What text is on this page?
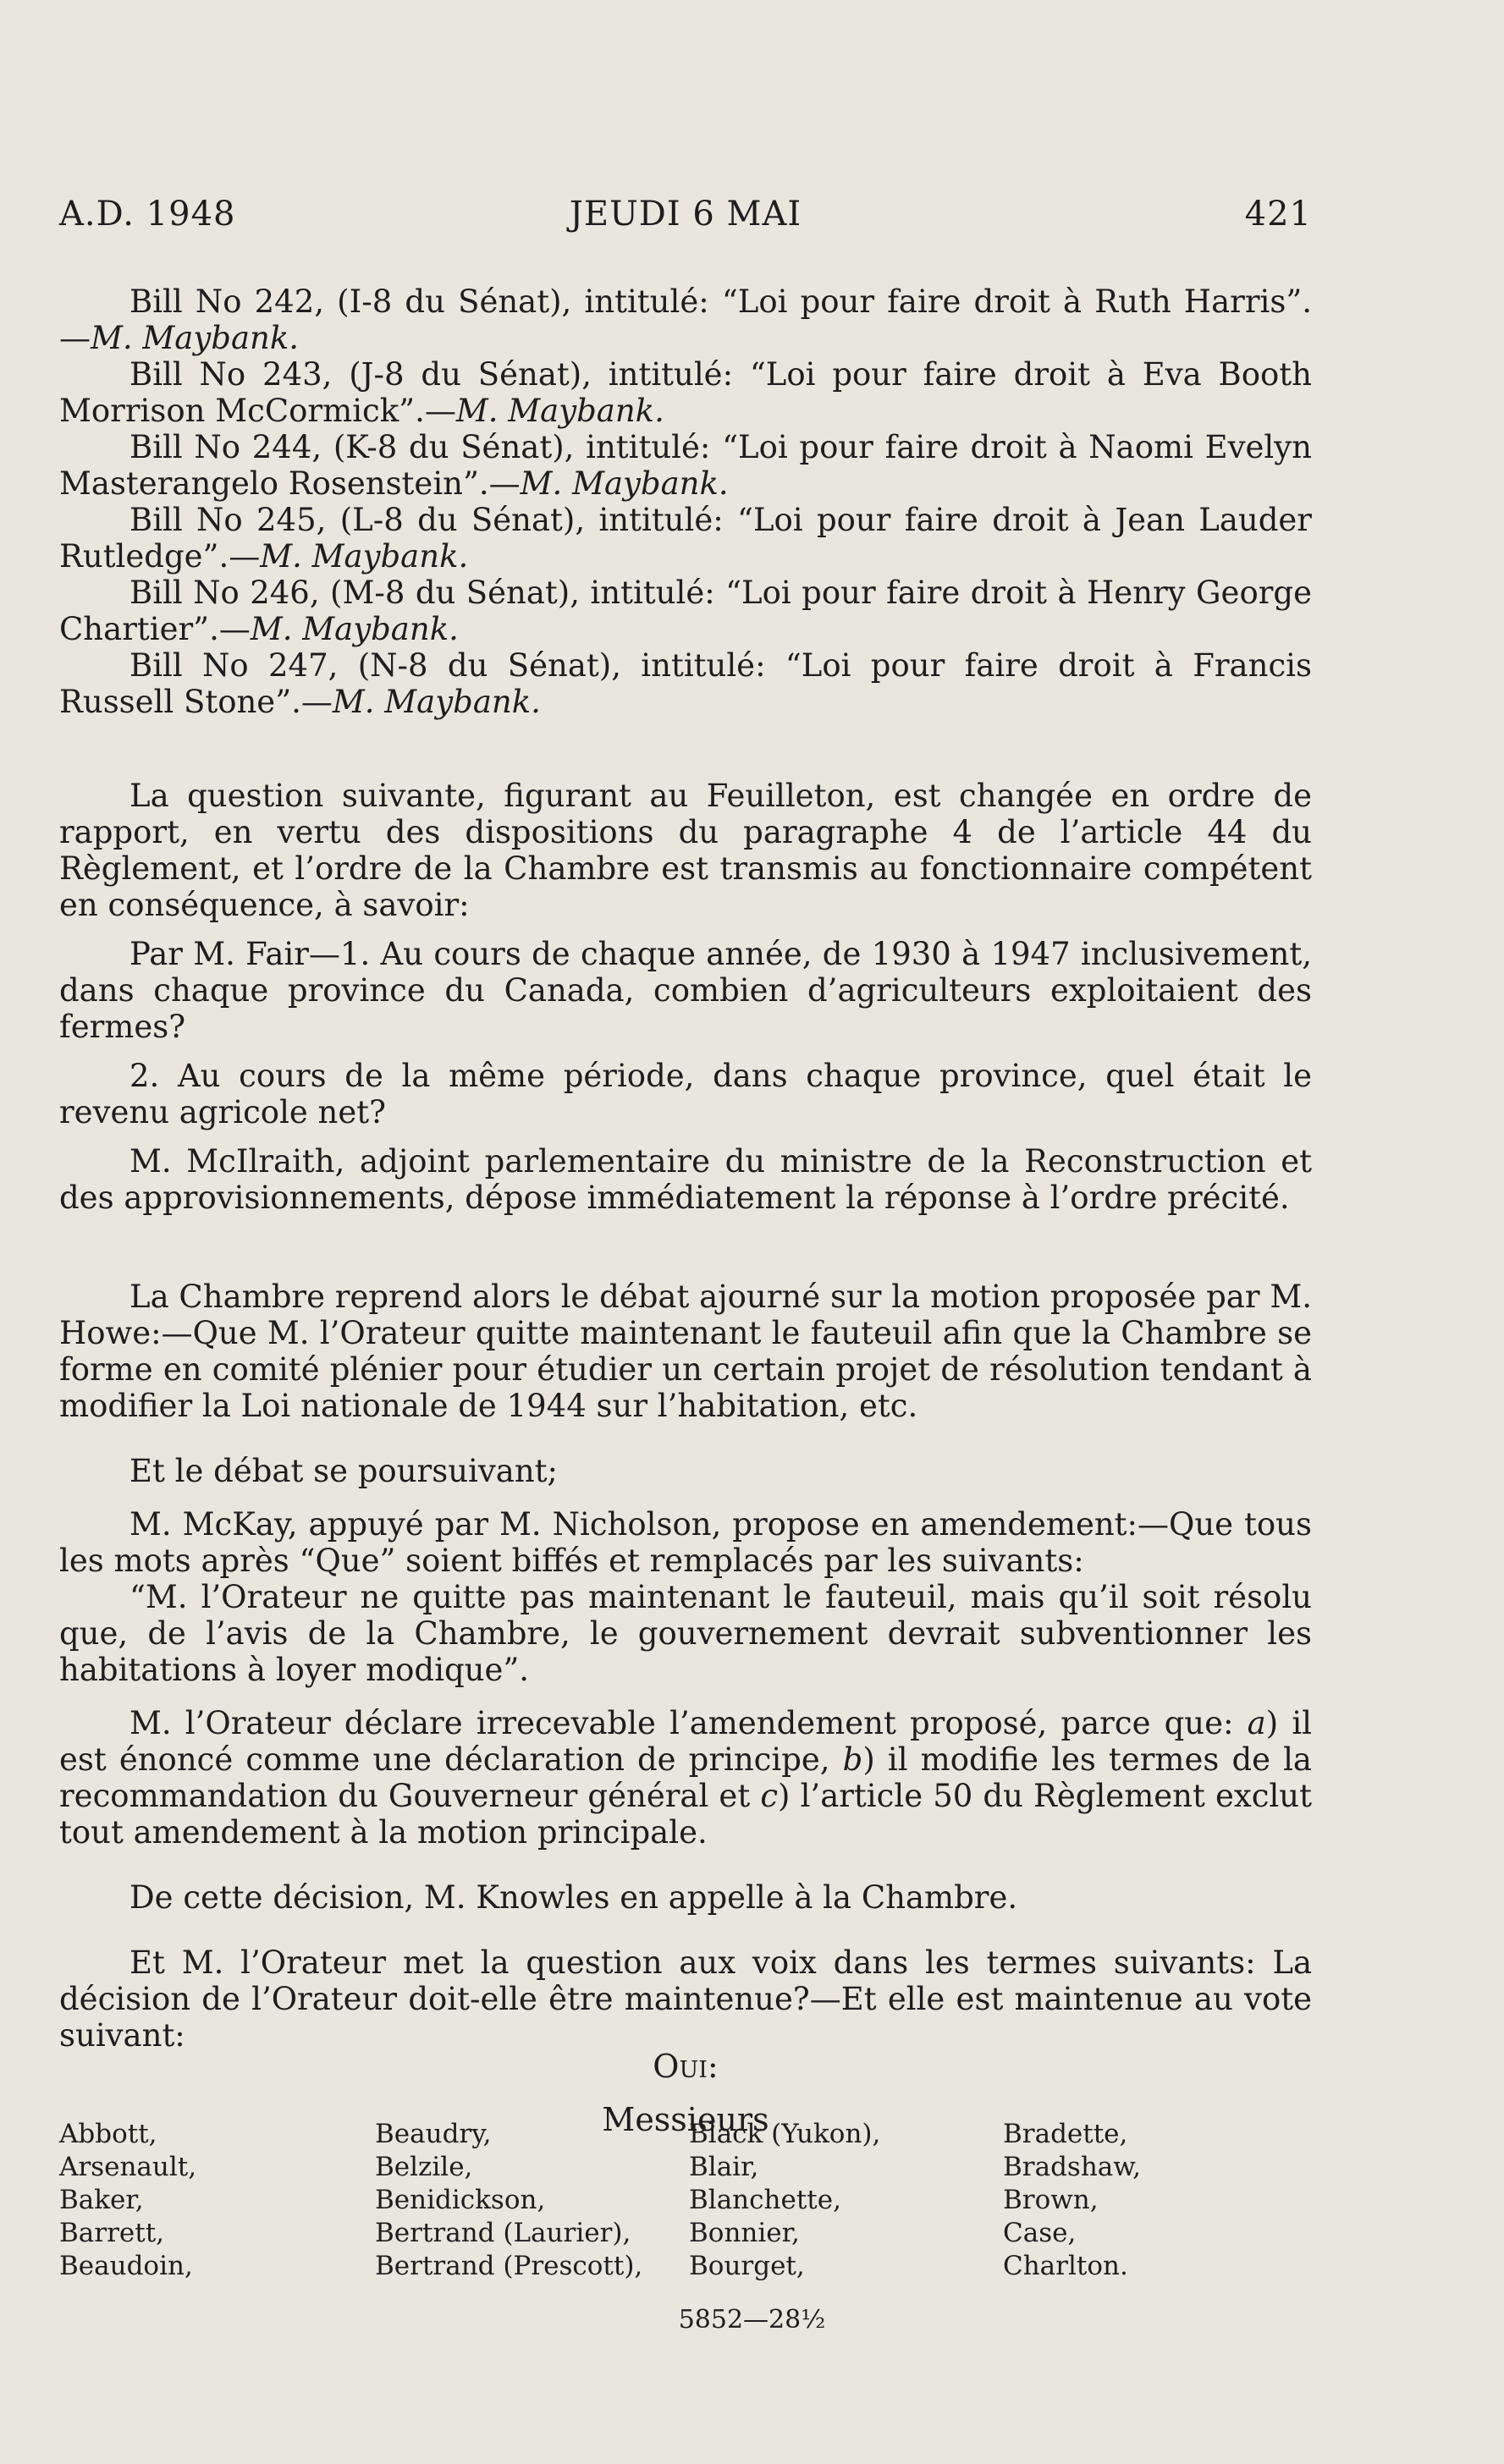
A.D. 1948	JEUDI 6 MAI	421

Bill No 242, (I-8 du Sénat), intitulé: “Loi pour faire droit à Ruth Harris”. —M. Maybank.

Bill No 243, (J-8 du Sénat), intitulé: “Loi pour faire droit à Eva Booth Morrison McCormick”.—M. Maybank.

Bill No 244, (K-8 du Sénat), intitulé: “Loi pour faire droit à Naomi Evelyn Masterangelo Rosenstein”.—M. Maybank.

Bill No 245, (L-8 du Sénat), intitulé: “Loi pour faire droit à Jean Lauder Rutledge”.—M. Maybank.

Bill No 246, (M-8 du Sénat), intitulé: “Loi pour faire droit à Henry George Chartier”.—M. Maybank.

Bill No 247, (N-8 du Sénat), intitulé: “Loi pour faire droit à Francis Russell Stone”.—M. Maybank.

La question suivante, figurant au Feuilleton, est changée en ordre de rapport, en vertu des dispositions du paragraphe 4 de l’article 44 du Règlement, et l’ordre de la Chambre est transmis au fonctionnaire compétent en conséquence, à savoir:

Par M. Fair—1. Au cours de chaque année, de 1930 à 1947 inclusivement, dans chaque province du Canada, combien d’agriculteurs exploitaient des fermes?

2. Au cours de la même période, dans chaque province, quel était le revenu agricole net?

M. McIlraith, adjoint parlementaire du ministre de la Reconstruction et des approvisionnements, dépose immédiatement la réponse à l’ordre précité.

La Chambre reprend alors le débat ajourné sur la motion proposée par M. Howe:—Que M. l’Orateur quitte maintenant le fauteuil afin que la Chambre se forme en comité plénier pour étudier un certain projet de résolution tendant à modifier la Loi nationale de 1944 sur l’habitation, etc.

Et le débat se poursuivant;

M. McKay, appuyé par M. Nicholson, propose en amendement:—Que tous les mots après “Que” soient biffés et remplacés par les suivants:

“M. l’Orateur ne quitte pas maintenant le fauteuil, mais qu’il soit résolu que, de l’avis de la Chambre, le gouvernement devrait subventionner les habitations à loyer modique”.

M. l’Orateur déclare irrecevable l’amendement proposé, parce que: a) il est énoncé comme une déclaration de principe, b) il modifie les termes de la recommandation du Gouverneur général et c) l’article 50 du Règlement exclut tout amendement à la motion principale.

De cette décision, M. Knowles en appelle à la Chambre.

Et M. l’Orateur met la question aux voix dans les termes suivants: La décision de l’Orateur doit-elle être maintenue?—Et elle est maintenue au vote suivant:

Oui:
Messieurs
Abbott,
Arsenault,
Baker,
Barrett,
Beaudoin,
Beaudry,
Belzile,
Benidickson,
Bertrand (Laurier),
Bertrand (Prescott),
Black (Yukon),
Blair,
Blanchette,
Bonnier,
Bourget,
Bradette,
Bradshaw,
Brown,
Case,
Charlton.
5852—28½
